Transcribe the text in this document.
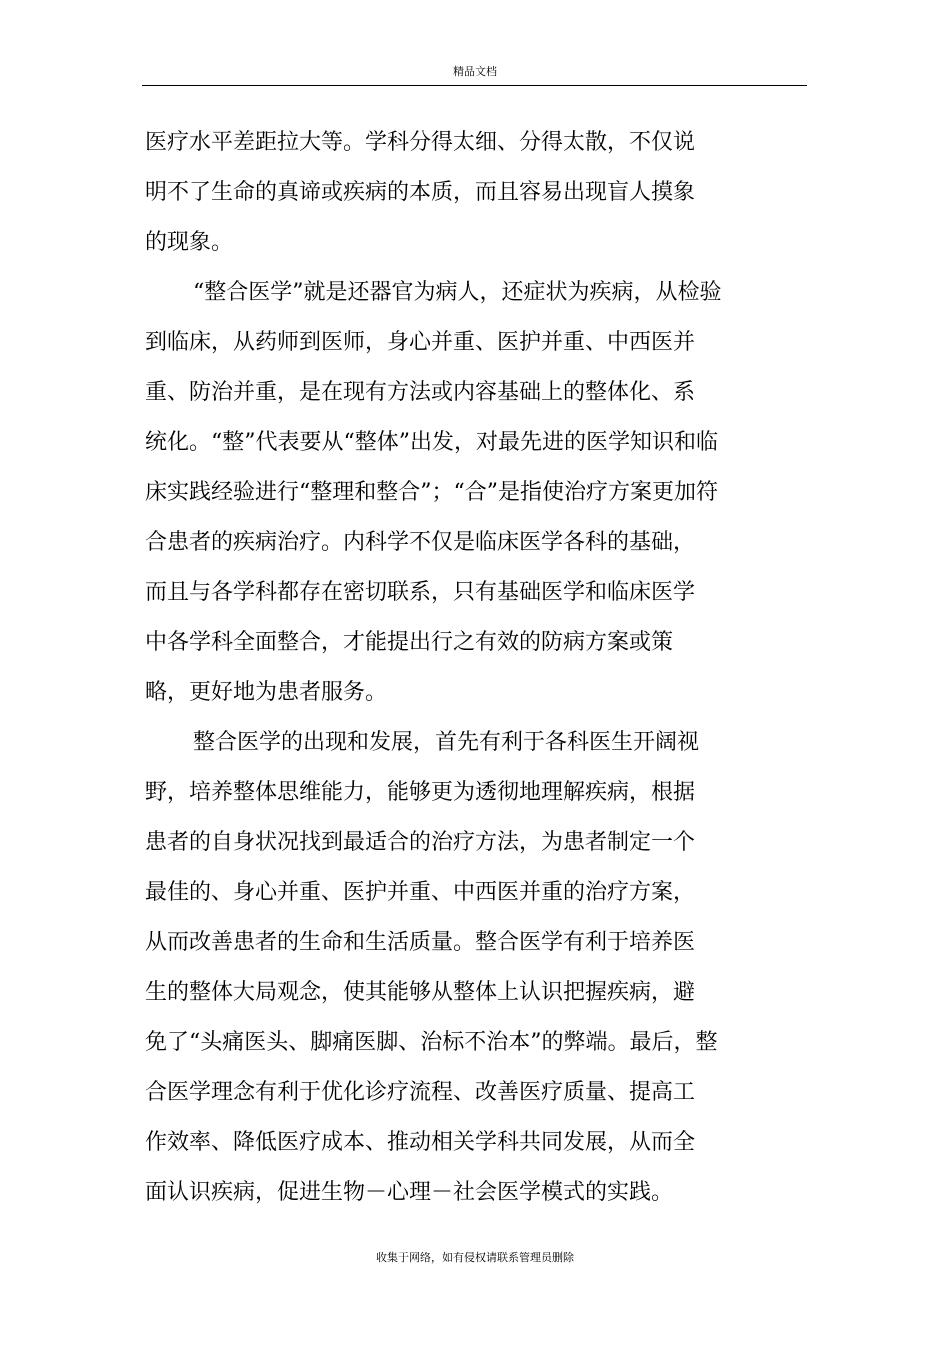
精品文档
医疗水平差距拉大等。学科分得太细、分得太散，不仅说
明不了生命的真谛或疾病的本质，而且容易出现盲人摸象
的现象。
“整合医学”就是还器官为病人，还症状为疾病，从检验
到临床，从药师到医师，身心并重、医护并重、中西医并
重、防治并重，是在现有方法或内容基础上的整体化、系
统化。“整”代表要从“整体”出发，对最先进的医学知识和临
床实践经验进行“整理和整合”；“合”是指使治疗方案更加符
合患者的疾病治疗。内科学不仅是临床医学各科的基础，
而且与各学科都存在密切联系，只有基础医学和临床医学
中各学科全面整合，才能提出行之有效的防病方案或策
略，更好地为患者服务。
整合医学的出现和发展，首先有利于各科医生开阔视
野，培养整体思维能力，能够更为透彻地理解疾病，根据
患者的自身状况找到最适合的治疗方法，为患者制定一个
最佳的、身心并重、医护并重、中西医并重的治疗方案，
从而改善患者的生命和生活质量。整合医学有利于培养医
生的整体大局观念，使其能够从整体上认识把握疾病，避
免了“头痛医头、脚痛医脚、治标不治本”的弊端。最后，整
合医学理念有利于优化诊疗流程、改善医疗质量、提高工
作效率、降低医疗成本、推动相关学科共同发展，从而全
面认识疾病，促进生物－心理－社会医学模式的实践。
收集于网络，如有侵权请联系管理员删除
